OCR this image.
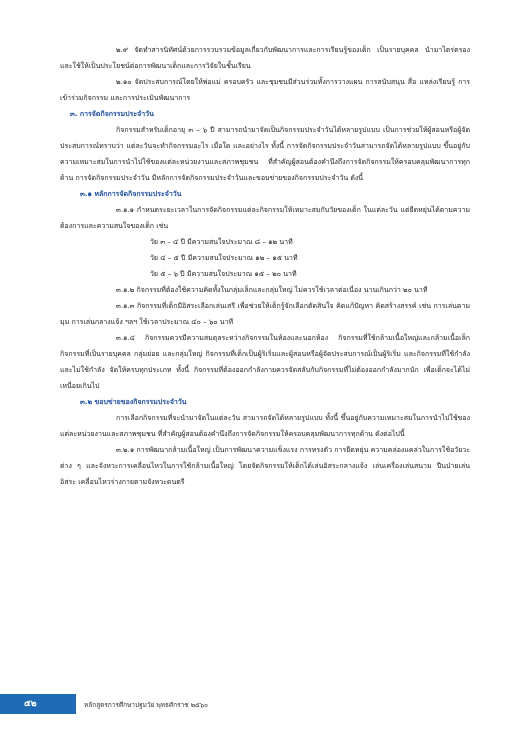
๒.๙ จัดทำสารนิทัศน์ด้วยการรวบรวมข้อมูลเกี่ยวกับพัฒนาการและการเรียนรู้ของเด็ก เป็นรายบุคคล นำมาไตร่ตรองและใช้ให้เป็นประโยชน์ต่อการพัฒนาเด็กและการวิจัยในชั้นเรียน

๒.๑๐ จัดประสบการณ์โดยให้พ่อแม่ ครอบครัว และชุมชนมีส่วนร่วมทั้งการวางแผน การสนับสนุน สื่อ แหล่งเรียนรู้ การเข้าร่วมกิจกรรม และการประเมินพัฒนาการ

๓. การจัดกิจกรรมประจำวัน

กิจกรรมสำหรับเด็กอายุ ๓ – ๖ ปี สามารถนำมาจัดเป็นกิจกรรมประจำวันได้หลายรูปแบบ เป็นการช่วยให้ผู้สอนหรือผู้จัดประสบการณ์ทราบว่า แต่ละวันจะทำกิจกรรมอะไร เมื่อใด และอย่างไร ทั้งนี้ การจัดกิจกรรมประจำวันสามารถจัดได้หลายรูปแบบ ขึ้นอยู่กับความเหมาะสมในการนำไปใช้ของแต่ละหน่วยงานและสภาพชุมชน ที่สำคัญผู้สอนต้องคำนึงถึงการจัดกิจกรรมให้ครอบคลุมพัฒนาการทุกด้าน การจัดกิจกรรมประจำวัน มีหลักการจัดกิจกรรมประจำวันและขอบข่ายของกิจกรรมประจำวัน ดังนี้

๓.๑ หลักการจัดกิจกรรมประจำวัน

๓.๑.๑ กำหนดระยะเวลาในการจัดกิจกรรมแต่ละกิจกรรมให้เหมาะสมกับวัยของเด็ก ในแต่ละวัน แต่ยืดหยุ่นได้ตามความต้องการและความสนใจของเด็ก เช่น

วัย ๓ – ๔ ปี มีความสนใจประมาณ ๘ – ๑๒ นาที

วัย ๔ – ๕ ปี มีความสนใจประมาณ ๑๒ – ๑๕ นาที

วัย ๕ – ๖ ปี มีความสนใจประมาณ ๑๕ – ๒๐ นาที

๓.๑.๒ กิจกรรมที่ต้องใช้ความคิดทั้งในกลุ่มเล็กและกลุ่มใหญ่ ไม่ควรใช้เวลาต่อเนื่อง นานเกินกว่า ๒๐ นาที

๓.๑.๓ กิจกรรมที่เด็กมีอิสระเลือกเล่นเสรี เพื่อช่วยให้เด็กรู้จักเลือกตัดสินใจ คิดแก้ปัญหา คิดสร้างสรรค์ เช่น การเล่นตามมุม การเล่นกลางแจ้ง ฯลฯ ใช้เวลาประมาณ ๔๐ – ๖๐ นาที

๓.๑.๔ กิจกรรมควรมีความสมดุลระหว่างกิจกรรมในห้องและนอกห้อง กิจกรรมที่ใช้กล้ามเนื้อใหญ่และกล้ามเนื้อเล็ก กิจกรรมที่เป็นรายบุคคล กลุ่มย่อย และกลุ่มใหญ่ กิจกรรมที่เด็กเป็นผู้ริเริ่มและผู้สอนหรือผู้จัดประสบการณ์เป็นผู้ริเริ่ม และกิจกรรมที่ใช้กำลังและไม่ใช้กำลัง จัดให้ครบทุกประเภท ทั้งนี้ กิจกรรมที่ต้องออกกำลังกายควรจัดสลับกับกิจกรรมที่ไม่ต้องออกกำลังมากนัก เพื่อเด็กจะได้ไม่เหนื่อยเกินไป

๓.๒ ขอบข่ายของกิจกรรมประจำวัน

การเลือกกิจกรรมที่จะนำมาจัดในแต่ละวัน สามารถจัดได้หลายรูปแบบ ทั้งนี้ ขึ้นอยู่กับความเหมาะสมในการนำไปใช้ของแต่ละหน่วยงานและสภาพชุมชน ที่สำคัญผู้สอนต้องคำนึงถึงการจัดกิจกรรมให้ครอบคลุมพัฒนาการทุกด้าน ดังต่อไปนี้

๓.๒.๑ การพัฒนากล้ามเนื้อใหญ่ เป็นการพัฒนาความแข็งแรง การทรงตัว การยืดหยุ่น ความคล่องแคล่วในการใช้อวัยวะต่าง ๆ และจังหวะการเคลื่อนไหวในการใช้กล้ามเนื้อใหญ่ โดยจัดกิจกรรมให้เด็กได้เล่นอิสระกลางแจ้ง เล่นเครื่องเล่นสนาม ปีนป่ายเล่นอิสระ เคลื่อนไหวร่างกายตามจังหวะดนตรี

๕๒	หลักสูตรการศึกษาปฐมวัย พุทธศักราช ๒๕๖๐
